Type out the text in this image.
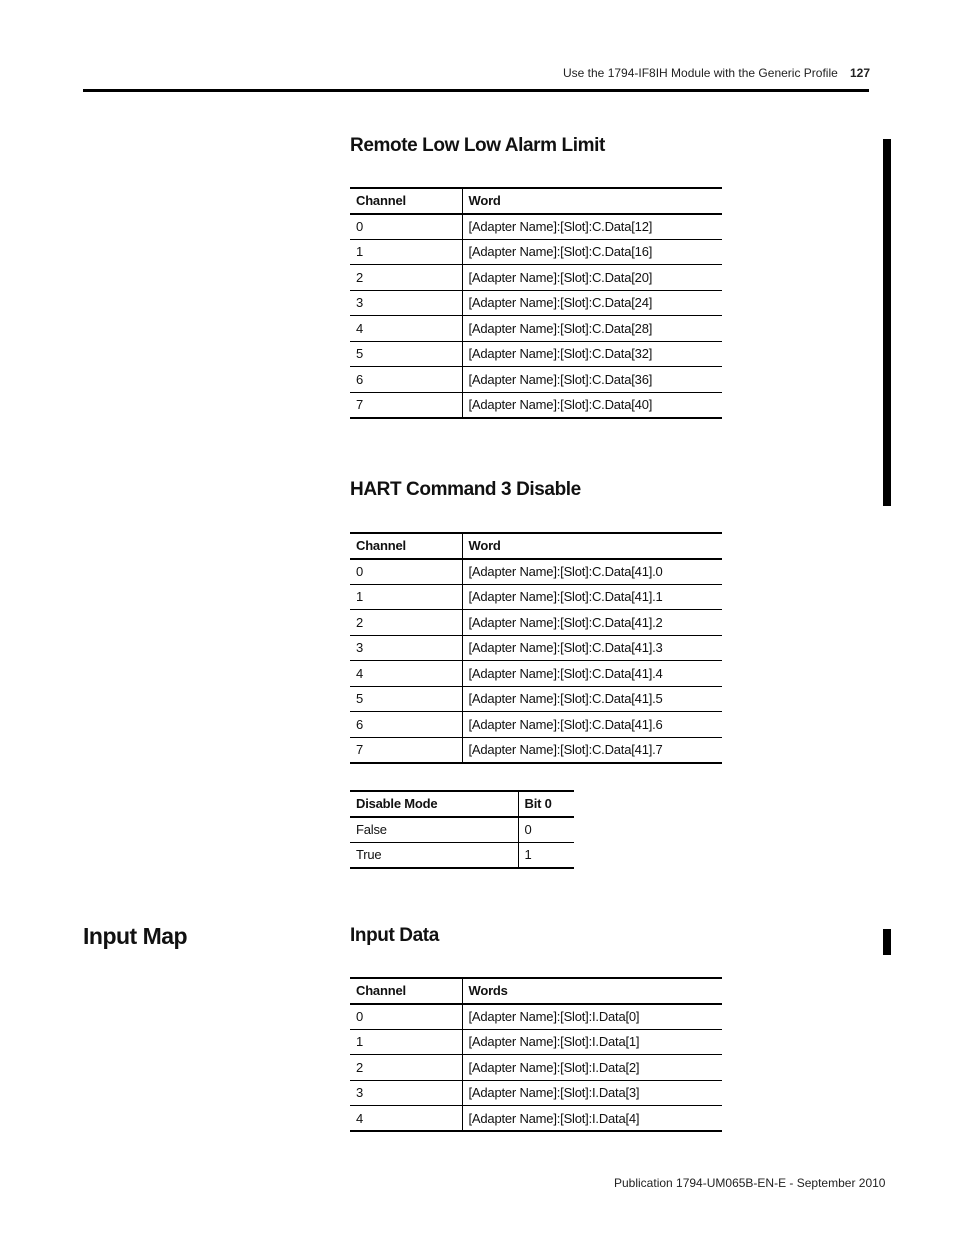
Use the 1794-IF8IH Module with the Generic Profile 127
Remote Low Low Alarm Limit
Channel	Word
0	[Adapter Name]:[Slot]:C.Data[12]
1	[Adapter Name]:[Slot]:C.Data[16]
2	[Adapter Name]:[Slot]:C.Data[20]
3	[Adapter Name]:[Slot]:C.Data[24]
4	[Adapter Name]:[Slot]:C.Data[28]
5	[Adapter Name]:[Slot]:C.Data[32]
6	[Adapter Name]:[Slot]:C.Data[36]
7	[Adapter Name]:[Slot]:C.Data[40]
HART Command 3 Disable
Channel	Word
0	[Adapter Name]:[Slot]:C.Data[41].0
1	[Adapter Name]:[Slot]:C.Data[41].1
2	[Adapter Name]:[Slot]:C.Data[41].2
3	[Adapter Name]:[Slot]:C.Data[41].3
4	[Adapter Name]:[Slot]:C.Data[41].4
5	[Adapter Name]:[Slot]:C.Data[41].5
6	[Adapter Name]:[Slot]:C.Data[41].6
7	[Adapter Name]:[Slot]:C.Data[41].7
Disable Mode	Bit 0
False	0
True	1
Input Map	Input Data
Channel	Words
0	[Adapter Name]:[Slot]:I.Data[0]
1	[Adapter Name]:[Slot]:I.Data[1]
2	[Adapter Name]:[Slot]:I.Data[2]
3	[Adapter Name]:[Slot]:I.Data[3]
4	[Adapter Name]:[Slot]:I.Data[4]
Publication 1794-UM065B-EN-E - September 2010
